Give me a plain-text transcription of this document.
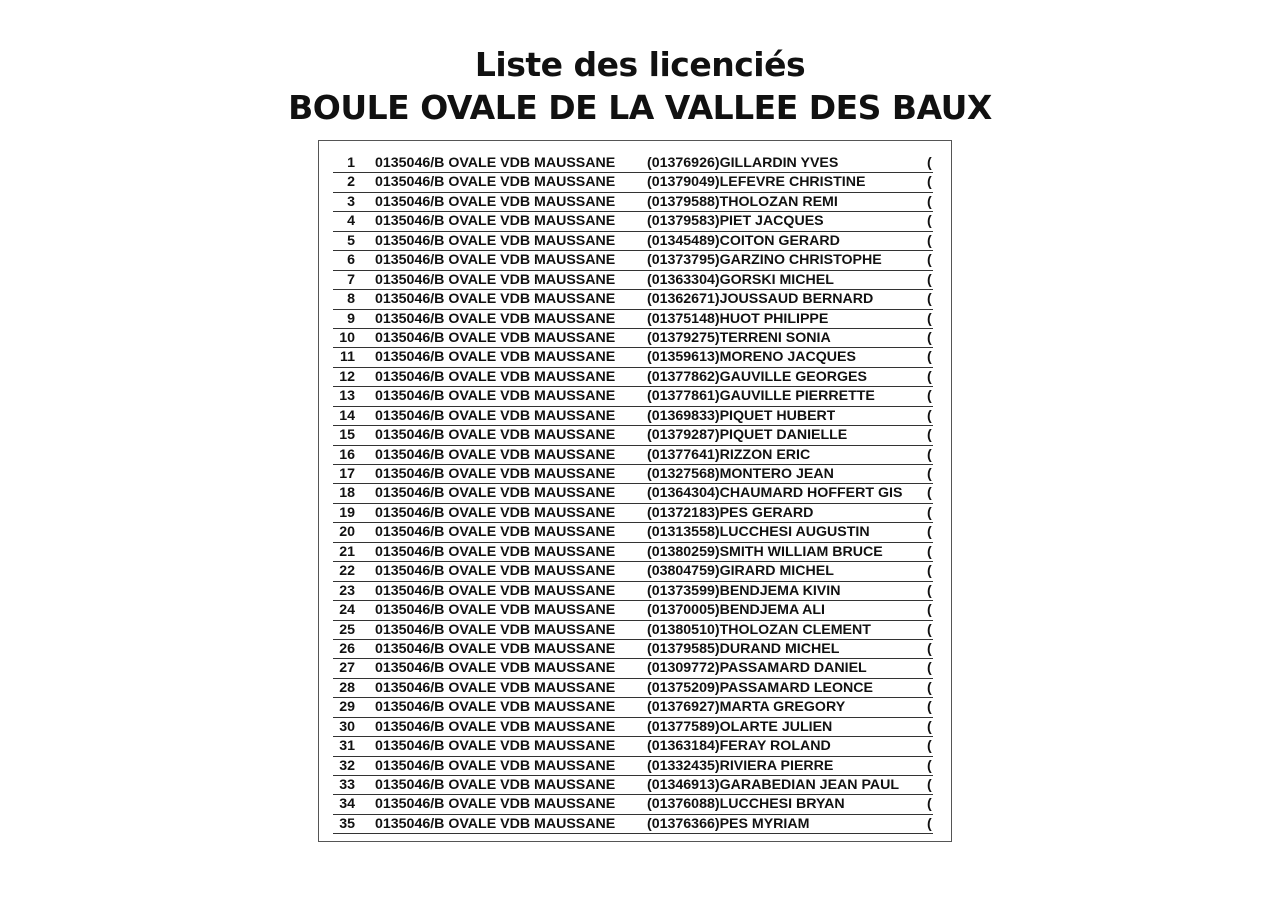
Liste des licenciés
BOULE OVALE DE LA VALLEE DES BAUX
1 0135046/B OVALE VDB MAUSSANE (01376926)GILLARDIN YVES	(
2 0135046/B OVALE VDB MAUSSANE (01379049)LEFEVRE CHRISTINE	(
3 0135046/B OVALE VDB MAUSSANE (01379588)THOLOZAN REMI	(
4 0135046/B OVALE VDB MAUSSANE (01379583)PIET JACQUES	(
5 0135046/B OVALE VDB MAUSSANE (01345489)COITON GERARD	(
6 0135046/B OVALE VDB MAUSSANE (01373795)GARZINO CHRISTOPHE	(
7 0135046/B OVALE VDB MAUSSANE (01363304)GORSKI MICHEL	(
8 0135046/B OVALE VDB MAUSSANE (01362671)JOUSSAUD BERNARD	(
9 0135046/B OVALE VDB MAUSSANE (01375148)HUOT PHILIPPE	(
10 0135046/B OVALE VDB MAUSSANE (01379275)TERRENI SONIA	(
11 0135046/B OVALE VDB MAUSSANE (01359613)MORENO JACQUES	(
12 0135046/B OVALE VDB MAUSSANE (01377862)GAUVILLE GEORGES	(
13 0135046/B OVALE VDB MAUSSANE (01377861)GAUVILLE PIERRETTE	(
14 0135046/B OVALE VDB MAUSSANE (01369833)PIQUET HUBERT	(
15 0135046/B OVALE VDB MAUSSANE (01379287)PIQUET DANIELLE	(
16 0135046/B OVALE VDB MAUSSANE (01377641)RIZZON ERIC	(
17 0135046/B OVALE VDB MAUSSANE (01327568)MONTERO JEAN	(
18 0135046/B OVALE VDB MAUSSANE (01364304)CHAUMARD HOFFERT GIS (
19 0135046/B OVALE VDB MAUSSANE (01372183)PES GERARD	(
20 0135046/B OVALE VDB MAUSSANE (01313558)LUCCHESI AUGUSTIN	(
21 0135046/B OVALE VDB MAUSSANE (01380259)SMITH WILLIAM BRUCE	(
22 0135046/B OVALE VDB MAUSSANE (03804759)GIRARD MICHEL	(
23 0135046/B OVALE VDB MAUSSANE (01373599)BENDJEMA KIVIN	(
24 0135046/B OVALE VDB MAUSSANE (01370005)BENDJEMA ALI	(
25 0135046/B OVALE VDB MAUSSANE (01380510)THOLOZAN CLEMENT	(
26 0135046/B OVALE VDB MAUSSANE (01379585)DURAND MICHEL	(
27 0135046/B OVALE VDB MAUSSANE (01309772)PASSAMARD DANIEL	(
28 0135046/B OVALE VDB MAUSSANE (01375209)PASSAMARD LEONCE	(
29 0135046/B OVALE VDB MAUSSANE (01376927)MARTA GREGORY	(
30 0135046/B OVALE VDB MAUSSANE (01377589)OLARTE JULIEN	(
31 0135046/B OVALE VDB MAUSSANE (01363184)FERAY ROLAND	(
32 0135046/B OVALE VDB MAUSSANE (01332435)RIVIERA PIERRE	(
33 0135046/B OVALE VDB MAUSSANE (01346913)GARABEDIAN JEAN PAUL (
34 0135046/B OVALE VDB MAUSSANE (01376088)LUCCHESI BRYAN	(
35 0135046/B OVALE VDB MAUSSANE (01376366)PES MYRIAM	(
